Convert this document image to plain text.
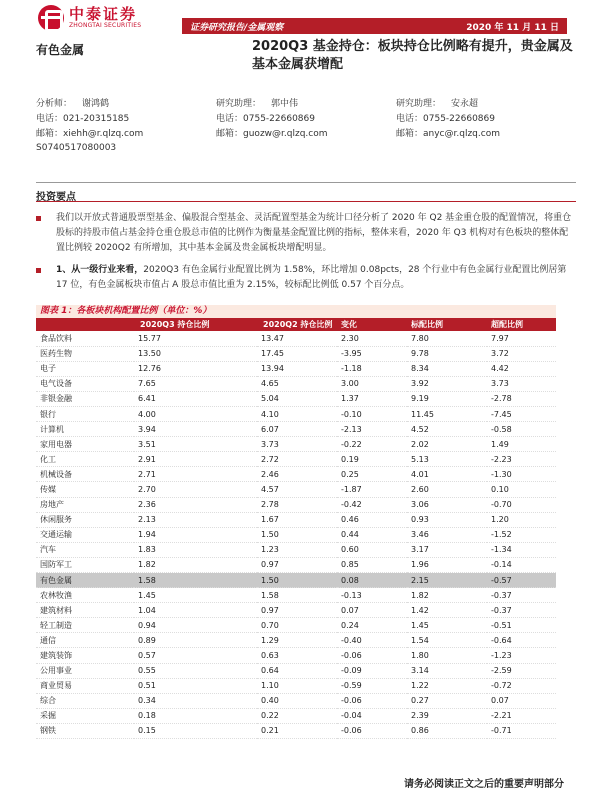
中泰证券
ZHONGTAI SECURITIES	证券研究报告/金属观察	2020 年 11 月 11 日
有色金属	2020Q3 基金持仓：板块持仓比例略有提升，贵金属及基本金属获增配
分析师： 谢鸿鹤	研究助理： 郭中伟	研究助理： 安永超
电话：021-20315185	电话：0755-22660869	电话：0755-22660869
邮箱：xiehh@r.qlzq.com	邮箱：guozw@r.qlzq.com	邮箱：anyc@r.qlzq.com
S0740517080003
投资要点
我们以开放式普通股票型基金、偏股混合型基金、灵活配置型基金为统计口径分析了 2020 年 Q2 基金重仓股的配置情况，将重仓股标的持股市值占基金持仓重仓股总市值的比例作为衡量基金配置比例的指标，整体来看，2020 年 Q3 机构对有色板块的整体配置比例较 2020Q2 有所增加，其中基本金属及贵金属板块增配明显。
1、从一级行业来看，2020Q3 有色金属行业配置比例为 1.58%，环比增加 0.08pcts，28 个行业中有色金属行业配置比例居第 17 位，有色金属板块市值占 A 股总市值比重为 2.15%，较标配比例低 0.57 个百分点。
图表 1：各板块机构配置比例（单位：%）
	2020Q3 持仓比例	2020Q2 持仓比例	变化	标配比例	超配比例
食品饮料	15.77	13.47	2.30	7.80	7.97
医药生物	13.50	17.45	-3.95	9.78	3.72
电子	12.76	13.94	-1.18	8.34	4.42
电气设备	7.65	4.65	3.00	3.92	3.73
非银金融	6.41	5.04	1.37	9.19	-2.78
银行	4.00	4.10	-0.10	11.45	-7.45
计算机	3.94	6.07	-2.13	4.52	-0.58
家用电器	3.51	3.73	-0.22	2.02	1.49
化工	2.91	2.72	0.19	5.13	-2.23
机械设备	2.71	2.46	0.25	4.01	-1.30
传媒	2.70	4.57	-1.87	2.60	0.10
房地产	2.36	2.78	-0.42	3.06	-0.70
休闲服务	2.13	1.67	0.46	0.93	1.20
交通运输	1.94	1.50	0.44	3.46	-1.52
汽车	1.83	1.23	0.60	3.17	-1.34
国防军工	1.82	0.97	0.85	1.96	-0.14
有色金属	1.58	1.50	0.08	2.15	-0.57
农林牧渔	1.45	1.58	-0.13	1.82	-0.37
建筑材料	1.04	0.97	0.07	1.42	-0.37
轻工制造	0.94	0.70	0.24	1.45	-0.51
通信	0.89	1.29	-0.40	1.54	-0.64
建筑装饰	0.57	0.63	-0.06	1.80	-1.23
公用事业	0.55	0.64	-0.09	3.14	-2.59
商业贸易	0.51	1.10	-0.59	1.22	-0.72
综合	0.34	0.40	-0.06	0.27	0.07
采掘	0.18	0.22	-0.04	2.39	-2.21
钢铁	0.15	0.21	-0.06	0.86	-0.71
请务必阅读正文之后的重要声明部分
